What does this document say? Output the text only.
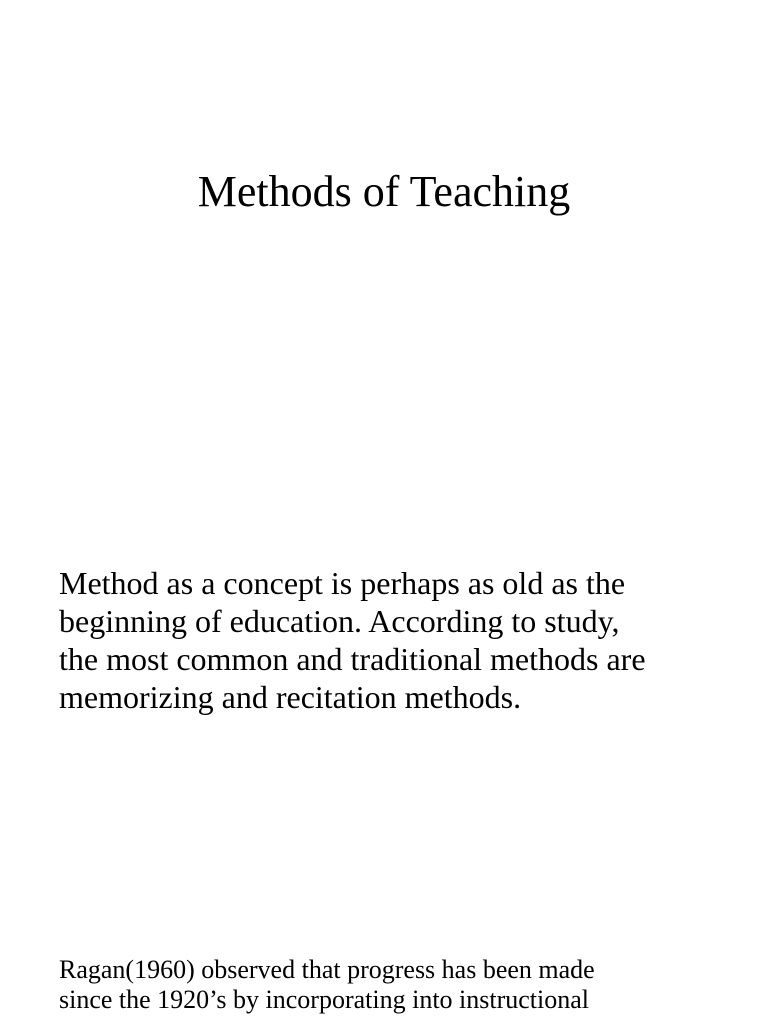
Methods of Teaching

Method as a concept is perhaps as old as the
beginning of education. According to study,
the most common and traditional methods are
memorizing and recitation methods.

Ragan(1960) observed that progress has been made
since the 1920’s by incorporating into instructional
